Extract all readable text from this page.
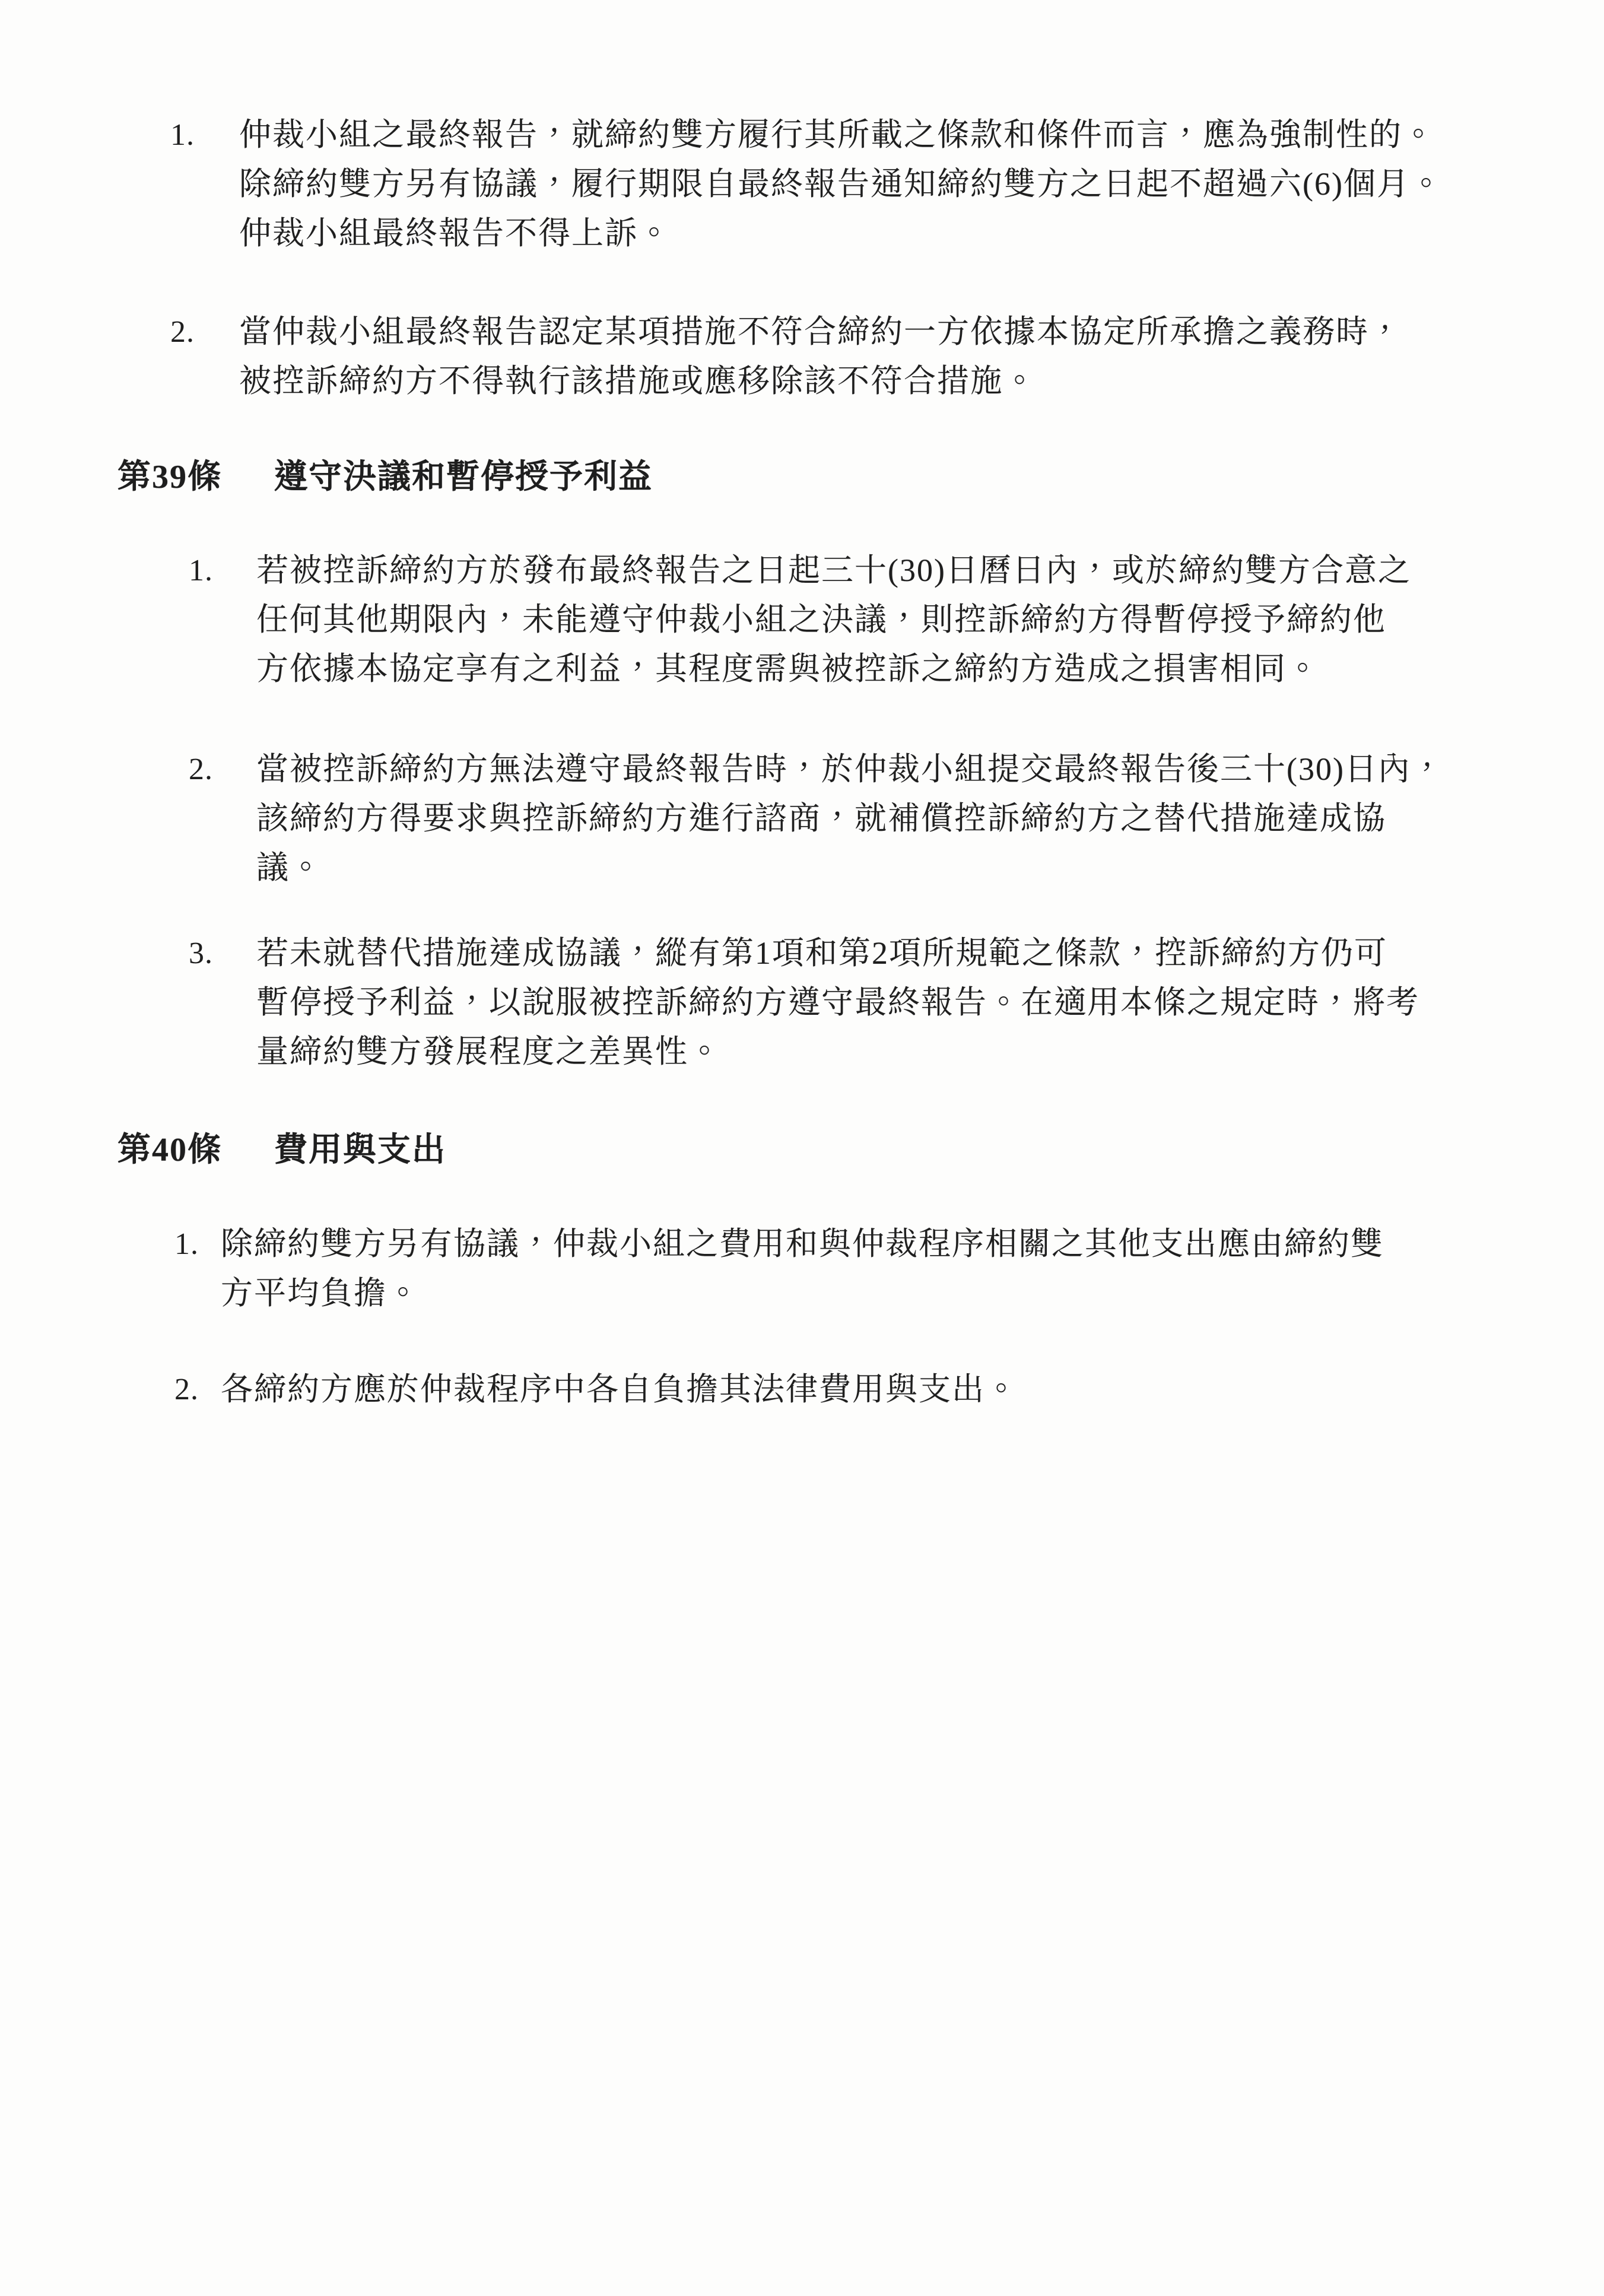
1. 仲裁小組之最終報告，就締約雙方履行其所載之條款和條件而言，應為強制性的。
除締約雙方另有協議，履行期限自最終報告通知締約雙方之日起不超過六(6)個月。
仲裁小組最終報告不得上訴。
2. 當仲裁小組最終報告認定某項措施不符合締約一方依據本協定所承擔之義務時，
被控訴締約方不得執行該措施或應移除該不符合措施。
第39條 遵守決議和暫停授予利益
1. 若被控訴締約方於發布最終報告之日起三十(30)日曆日內，或於締約雙方合意之
任何其他期限內，未能遵守仲裁小組之決議，則控訴締約方得暫停授予締約他
方依據本協定享有之利益，其程度需與被控訴之締約方造成之損害相同。
2. 當被控訴締約方無法遵守最終報告時，於仲裁小組提交最終報告後三十(30)日內，
該締約方得要求與控訴締約方進行諮商，就補償控訴締約方之替代措施達成協
議。
3. 若未就替代措施達成協議，縱有第1項和第2項所規範之條款，控訴締約方仍可
暫停授予利益，以說服被控訴締約方遵守最終報告。在適用本條之規定時，將考
量締約雙方發展程度之差異性。
第40條 費用與支出
1. 除締約雙方另有協議，仲裁小組之費用和與仲裁程序相關之其他支出應由締約雙
方平均負擔。
2. 各締約方應於仲裁程序中各自負擔其法律費用與支出。
